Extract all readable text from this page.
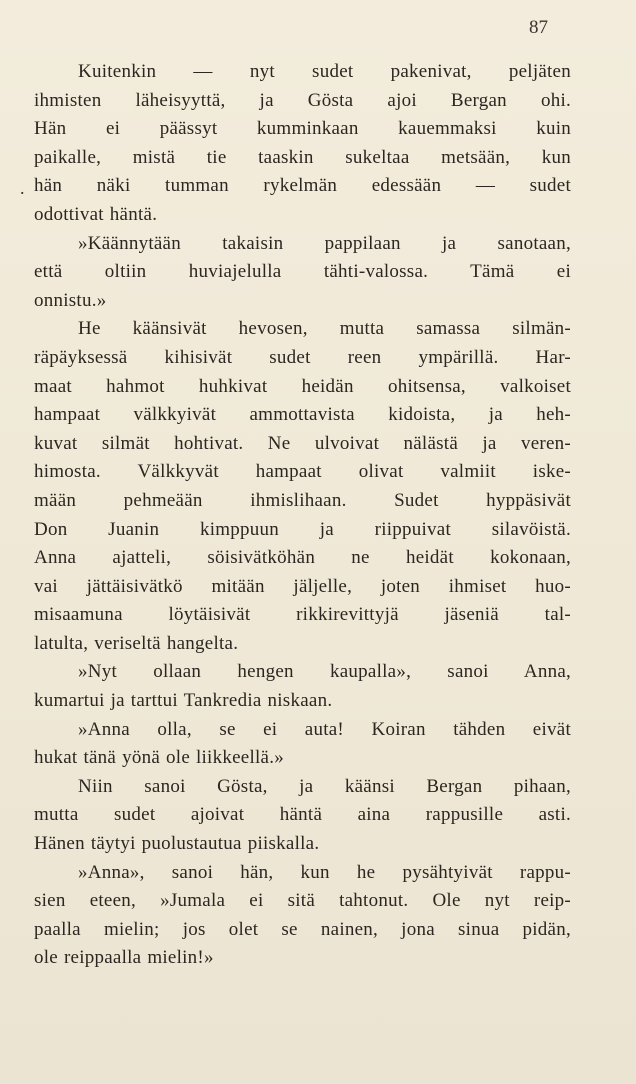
87
.
Kuitenkin — nyt sudet pakenivat, peljäten
ihmisten läheisyyttä, ja Gösta ajoi Bergan ohi.
Hän ei päässyt kumminkaan kauemmaksi kuin
paikalle, mistä tie taaskin sukeltaa metsään, kun
hän näki tumman rykelmän edessään — sudet
odottivat häntä.
»Käännytään takaisin pappilaan ja sanotaan,
että oltiin huviajelulla tähti-valossa. Tämä ei
onnistu.»
He käänsivät hevosen, mutta samassa silmän-
räpäyksessä kihisivät sudet reen ympärillä. Har-
maat hahmot huhkivat heidän ohitsensa, valkoiset
hampaat välkkyivät ammottavista kidoista, ja heh-
kuvat silmät hohtivat. Ne ulvoivat nälästä ja veren-
himosta. Välkkyvät hampaat olivat valmiit iske-
mään pehmeään ihmislihaan. Sudet hyppäsivät
Don Juanin kimppuun ja riippuivat silavöistä.
Anna ajatteli, söisivätköhän ne heidät kokonaan,
vai jättäisivätkö mitään jäljelle, joten ihmiset huo-
misaamuna löytäisivät rikkirevittyjä jäseniä tal-
latulta, veriseltä hangelta.
»Nyt ollaan hengen kaupalla», sanoi Anna,
kumartui ja tarttui Tankredia niskaan.
»Anna olla, se ei auta! Koiran tähden eivät
hukat tänä yönä ole liikkeellä.»
Niin sanoi Gösta, ja käänsi Bergan pihaan,
mutta sudet ajoivat häntä aina rappusille asti.
Hänen täytyi puolustautua piiskalla.
»Anna», sanoi hän, kun he pysähtyivät rappu-
sien eteen, »Jumala ei sitä tahtonut. Ole nyt reip-
paalla mielin; jos olet se nainen, jona sinua pidän,
ole reippaalla mielin!»
